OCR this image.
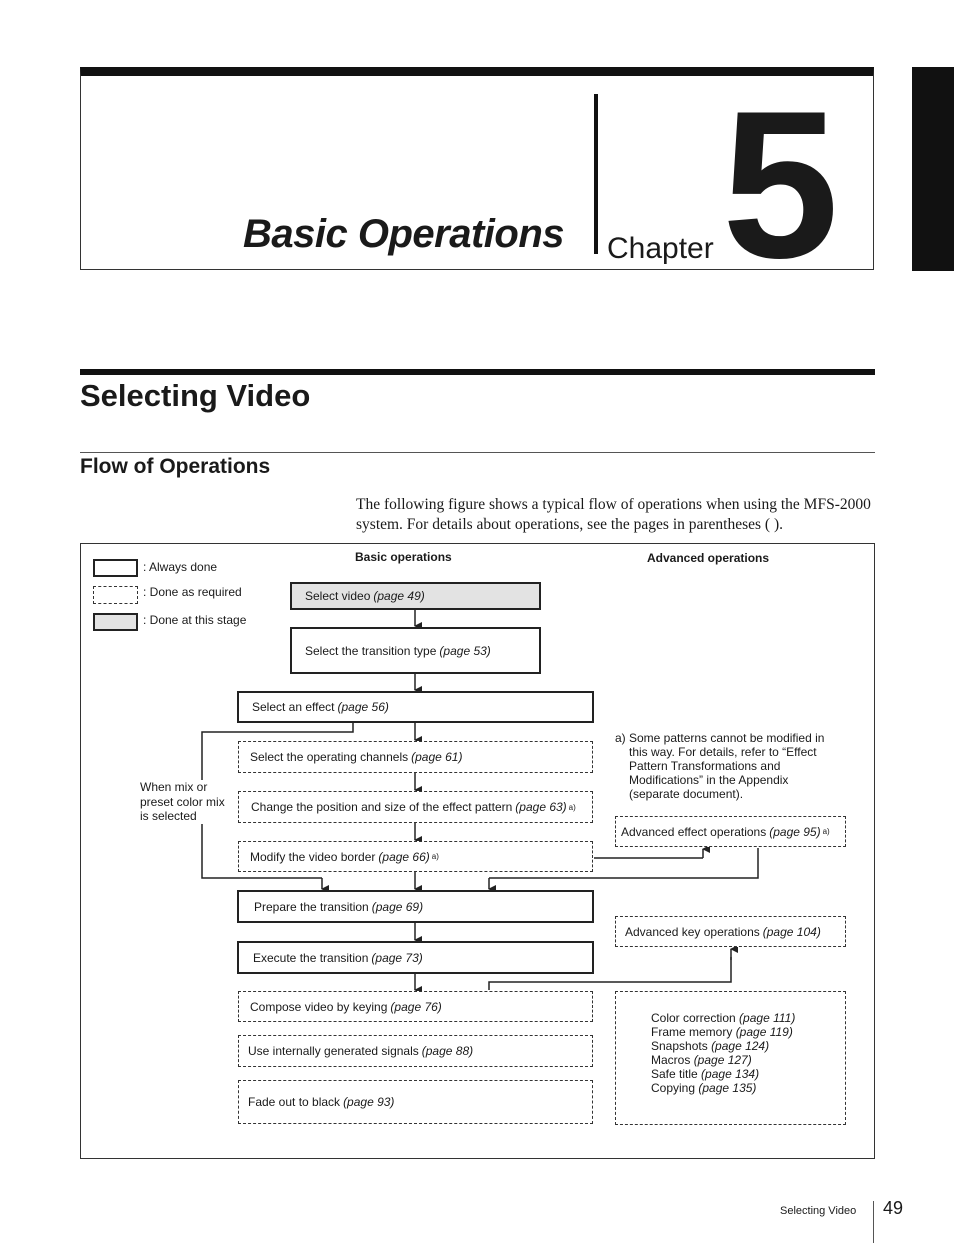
Basic Operations Chapter 5
Selecting Video
Flow of Operations
The following figure shows a typical flow of operations when using the MFS-2000 system. For details about operations, see the pages in parentheses ( ).
: Always done
: Done as required
: Done at this stage
Basic operations	Advanced operations
Select video (page 49)
Select the transition type (page 53)
Select an effect (page 56)
Select the operating channels (page 61)
Change the position and size of the effect pattern (page 63) a)
Modify the video border (page 66) a)
Prepare the transition (page 69)
Execute the transition (page 73)
Compose video by keying (page 76)
Use internally generated signals (page 88)
Fade out to black (page 93)
Advanced effect operations (page 95) a)
Advanced key operations (page 104)
Color correction (page 111)
Frame memory (page 119)
Snapshots (page 124)
Macros (page 127)
Safe title (page 134)
Copying (page 135)
When mix or
preset color mix
is selected
a) Some patterns cannot be modified in
this way. For details, refer to “Effect
Pattern Transformations and
Modifications” in the Appendix
(separate document).
Selecting Video 49
